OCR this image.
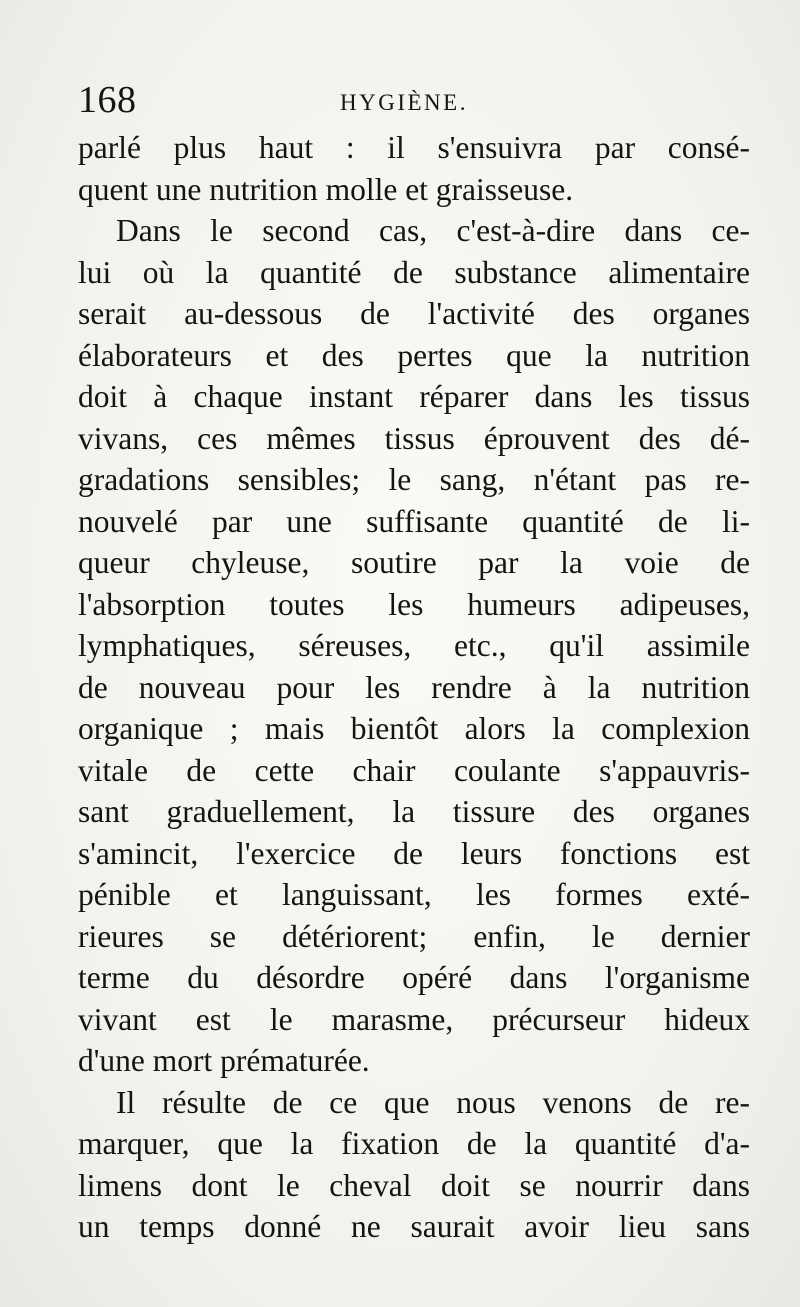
168	HYGIÈNE.
parlé plus haut : il s'ensuivra par consé-
quent une nutrition molle et graisseuse.
Dans le second cas, c'est-à-dire dans ce-
lui où la quantité de substance alimentaire
serait au-dessous de l'activité des organes
élaborateurs et des pertes que la nutrition
doit à chaque instant réparer dans les tissus
vivans, ces mêmes tissus éprouvent des dé-
gradations sensibles; le sang, n'étant pas re-
nouvelé par une suffisante quantité de li-
queur chyleuse, soutire par la voie de
l'absorption toutes les humeurs adipeuses,
lymphatiques, séreuses, etc., qu'il assimile
de nouveau pour les rendre à la nutrition
organique ; mais bientôt alors la complexion
vitale de cette chair coulante s'appauvris-
sant graduellement, la tissure des organes
s'amincit, l'exercice de leurs fonctions est
pénible et languissant, les formes exté-
rieures se détériorent; enfin, le dernier
terme du désordre opéré dans l'organisme
vivant est le marasme, précurseur hideux
d'une mort prématurée.
Il résulte de ce que nous venons de re-
marquer, que la fixation de la quantité d'a-
limens dont le cheval doit se nourrir dans
un temps donné ne saurait avoir lieu sans
